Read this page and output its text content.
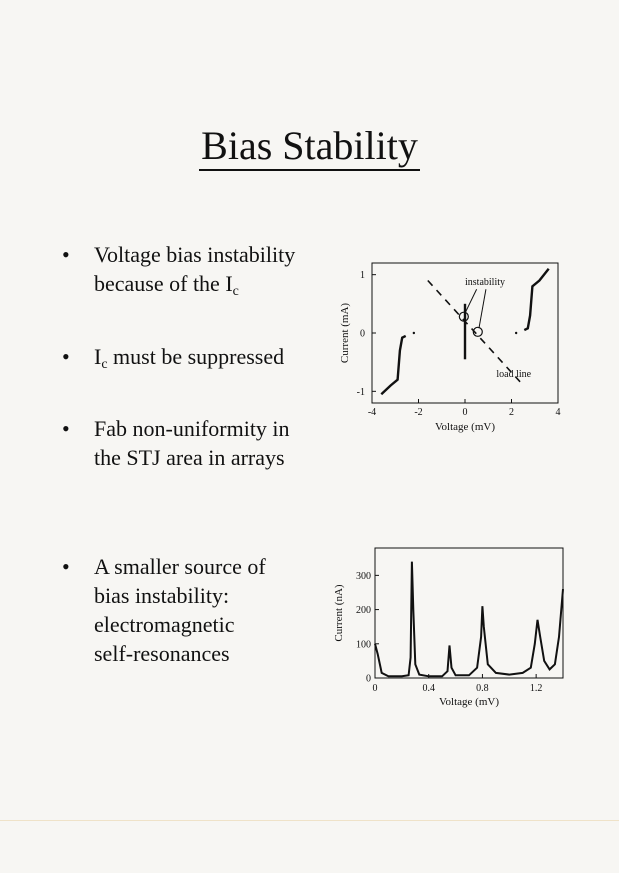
Bias Stability
• Voltage bias instability
because of the $I_c$
• $I_c$ must be suppressed
• Fab non-uniformity in
the STJ area in arrays
• A smaller source of
bias instability:
electromagnetic
self-resonances
-4	-2	0	2	4
1
0
-1
Voltage (mV)
Current (mA)
instability
load line
0	0.4	0.8	1.2
0
100
200
300
Voltage (mV)
Current (nA)
